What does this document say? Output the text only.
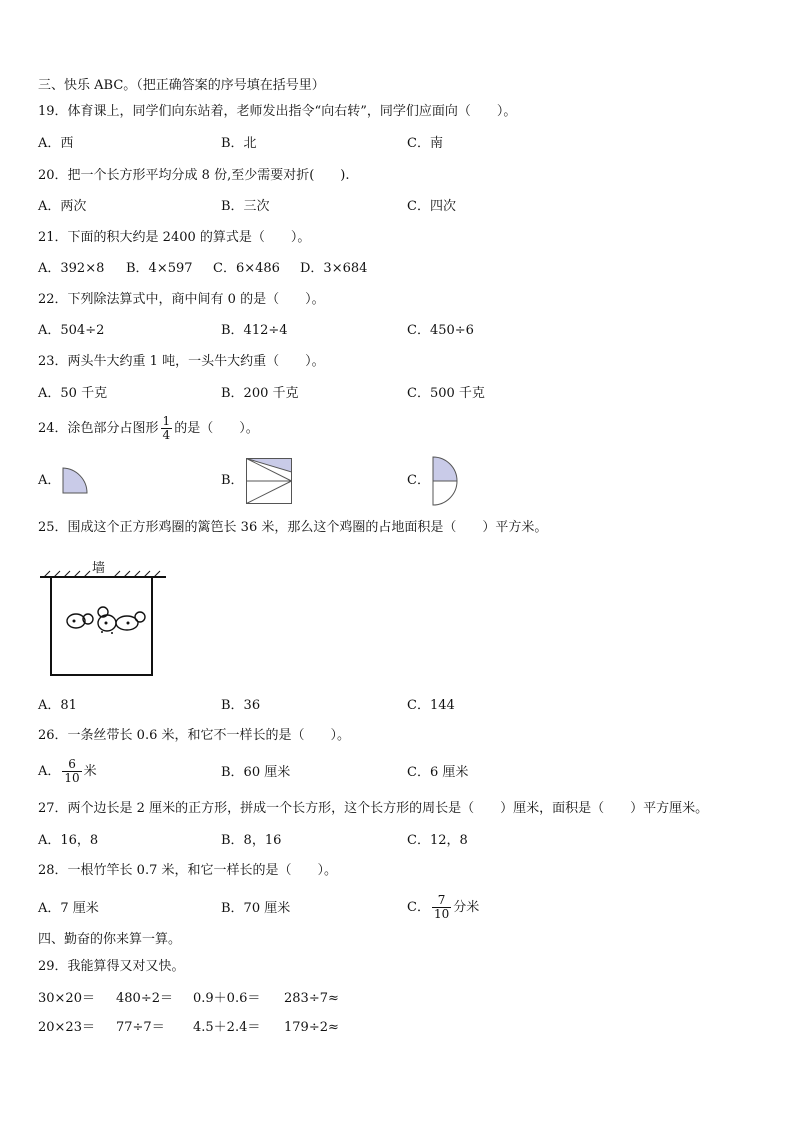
三、快乐 ABC。（把正确答案的序号填在括号里）
19．体育课上，同学们向东站着，老师发出指令“向右转”，同学们应面向（　　）。
A．西	B．北	C．南
20．把一个长方形平均分成 8 份,至少需要对折(　　).
A．两次	B．三次	C．四次
21．下面的积大约是 2400 的算式是（　　）。
A．392×8 B．4×597 C．6×486 D．3×684
22．下列除法算式中，商中间有 0 的是（　　）。
A．504÷2	B．412÷4	C．450÷6
23．两头牛大约重 1 吨，一头牛大约重（　　）。
A．50 千克	B．200 千克	C．500 千克
24．涂色部分占图形 $\frac{1}{4}$ 的是（　　）。
A．	B．	C．
25．围成这个正方形鸡圈的篱笆长 36 米，那么这个鸡圈的占地面积是（　　）平方米。
墙
A．81	B．36	C．144
26．一条丝带长 0.6 米，和它不一样长的是（　　）。
A． $\frac{6}{10}$ 米	B．60 厘米	C．6 厘米
27．两个边长是 2 厘米的正方形，拼成一个长方形，这个长方形的周长是（　　）厘米，面积是（　　）平方厘米。
A．16，8	B．8，16	C．12，8
28．一根竹竿长 0.7 米，和它一样长的是（　　）。
A．7 厘米	B．70 厘米	C． $\frac{7}{10}$ 分米
四、勤奋的你来算一算。
29．我能算得又对又快。
30×20＝ 480÷2＝ 0.9＋0.6＝ 283÷7≈
20×23＝ 77÷7＝ 4.5＋2.4＝ 179÷2≈
